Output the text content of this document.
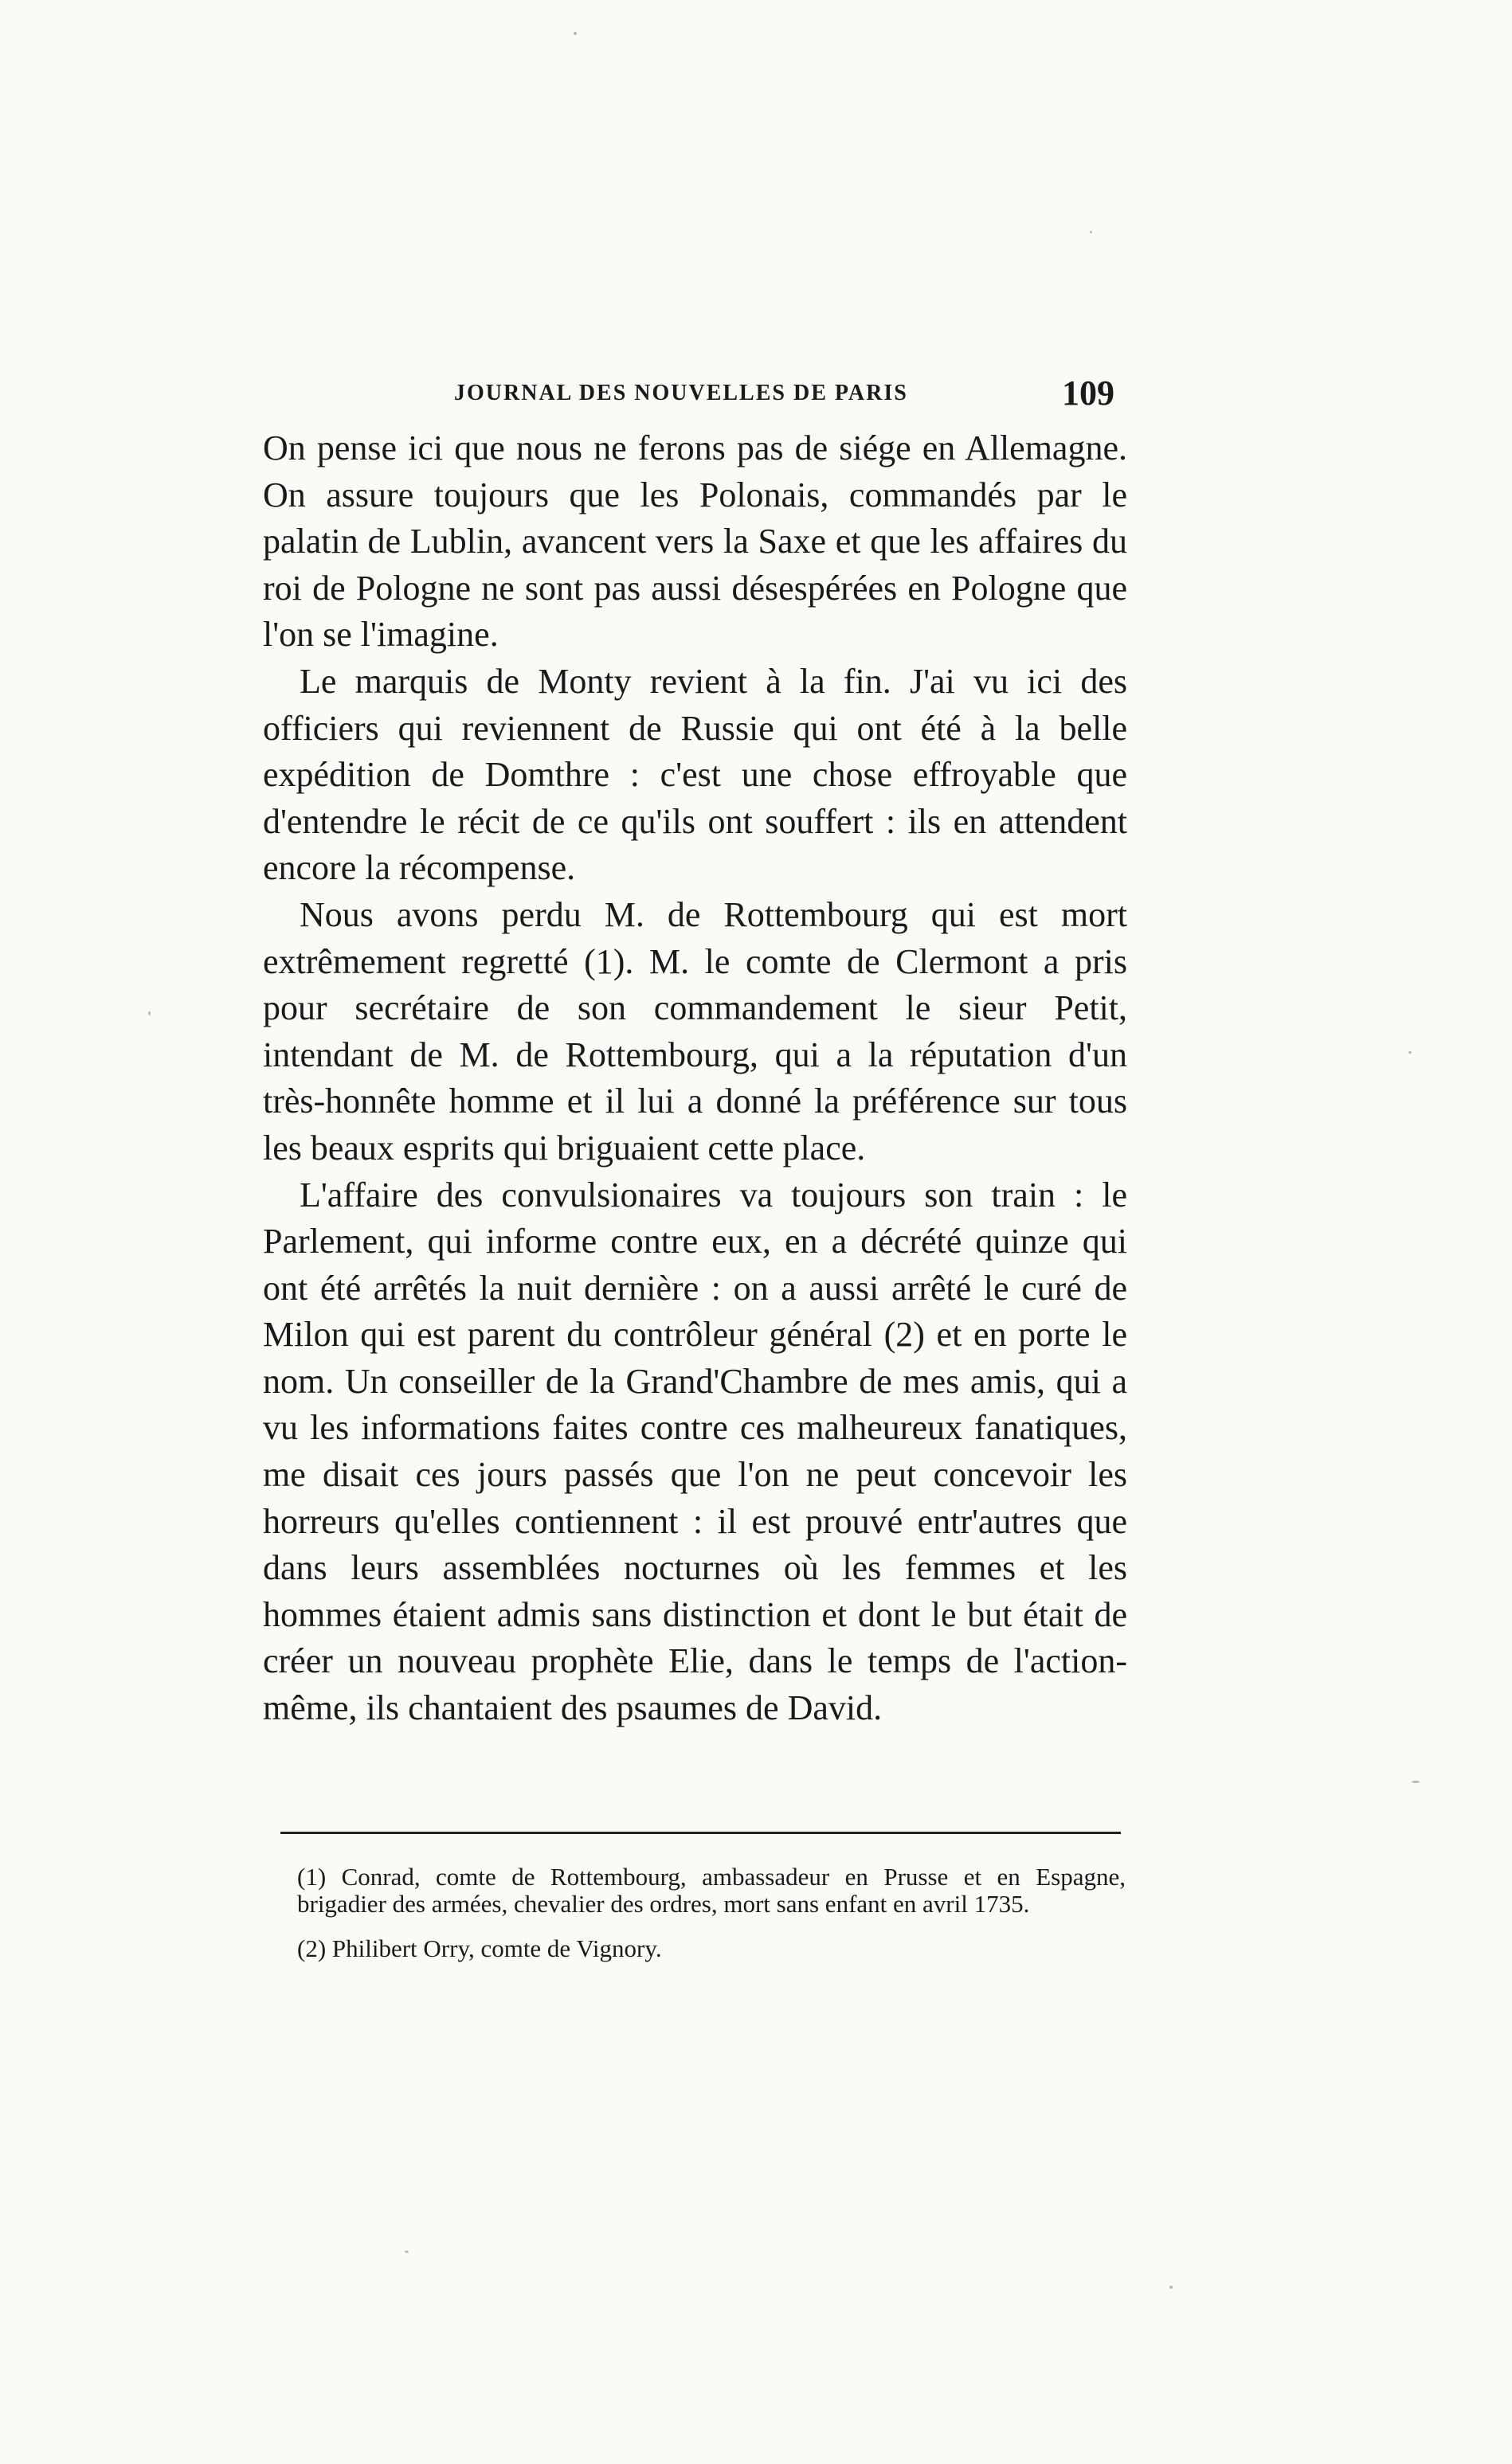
JOURNAL DES NOUVELLES DE PARIS	109

On pense ici que nous ne ferons pas de siége en Allemagne. On assure toujours que les Polonais, commandés par le palatin de Lublin, avancent vers la Saxe et que les affaires du roi de Pologne ne sont pas aussi désespérées en Pologne que l'on se l'imagine.

Le marquis de Monty revient à la fin. J'ai vu ici des officiers qui reviennent de Russie qui ont été à la belle expédition de Domthre : c'est une chose effroyable que d'entendre le récit de ce qu'ils ont souffert : ils en attendent encore la récompense.

Nous avons perdu M. de Rottembourg qui est mort extrêmement regretté (1). M. le comte de Clermont a pris pour secrétaire de son commandement le sieur Petit, intendant de M. de Rottembourg, qui a la réputation d'un très-honnête homme et il lui a donné la préférence sur tous les beaux esprits qui briguaient cette place.

L'affaire des convulsionaires va toujours son train : le Parlement, qui informe contre eux, en a décrété quinze qui ont été arrêtés la nuit dernière : on a aussi arrêté le curé de Milon qui est parent du contrôleur général (2) et en porte le nom. Un conseiller de la Grand'Chambre de mes amis, qui a vu les informations faites contre ces malheureux fanatiques, me disait ces jours passés que l'on ne peut concevoir les horreurs qu'elles contiennent : il est prouvé entr'autres que dans leurs assemblées nocturnes où les femmes et les hommes étaient admis sans distinction et dont le but était de créer un nouveau prophète Elie, dans le temps de l'action-même, ils chantaient des psaumes de David.

(1) Conrad, comte de Rottembourg, ambassadeur en Prusse et en Espagne, brigadier des armées, chevalier des ordres, mort sans enfant en avril 1735.

(2) Philibert Orry, comte de Vignory.
